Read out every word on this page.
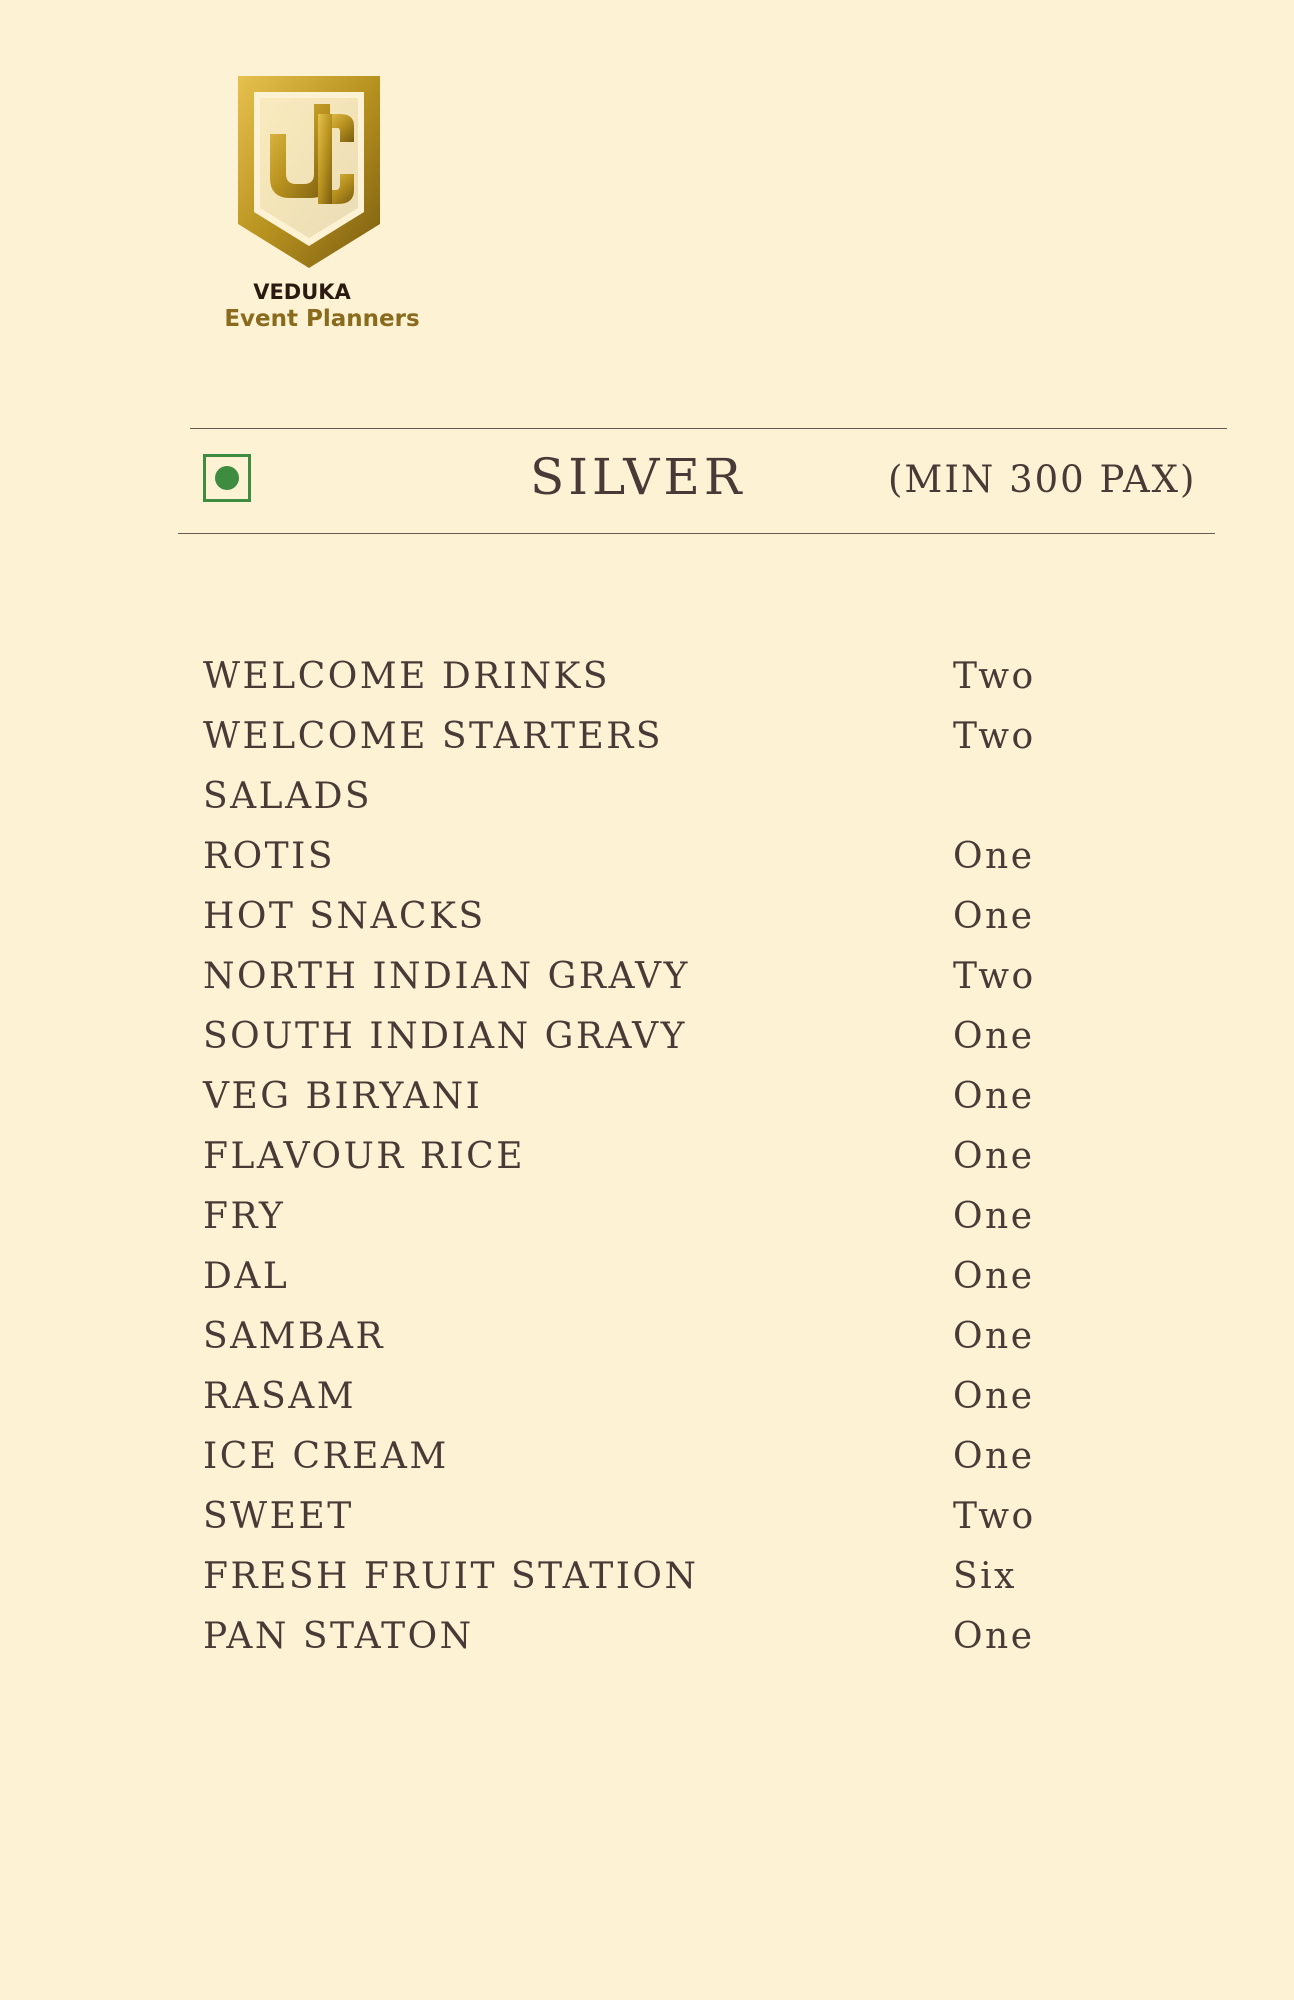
VEDUKA
Event Planners
SILVER	(MIN 300 PAX)
WELCOME DRINKS	Two
WELCOME STARTERS	Two
SALADS
ROTIS	One
HOT SNACKS	One
NORTH INDIAN GRAVY	Two
SOUTH INDIAN GRAVY	One
VEG BIRYANI	One
FLAVOUR RICE	One
FRY	One
DAL	One
SAMBAR	One
RASAM	One
ICE CREAM	One
SWEET	Two
FRESH FRUIT STATION	Six
PAN STATON	One
